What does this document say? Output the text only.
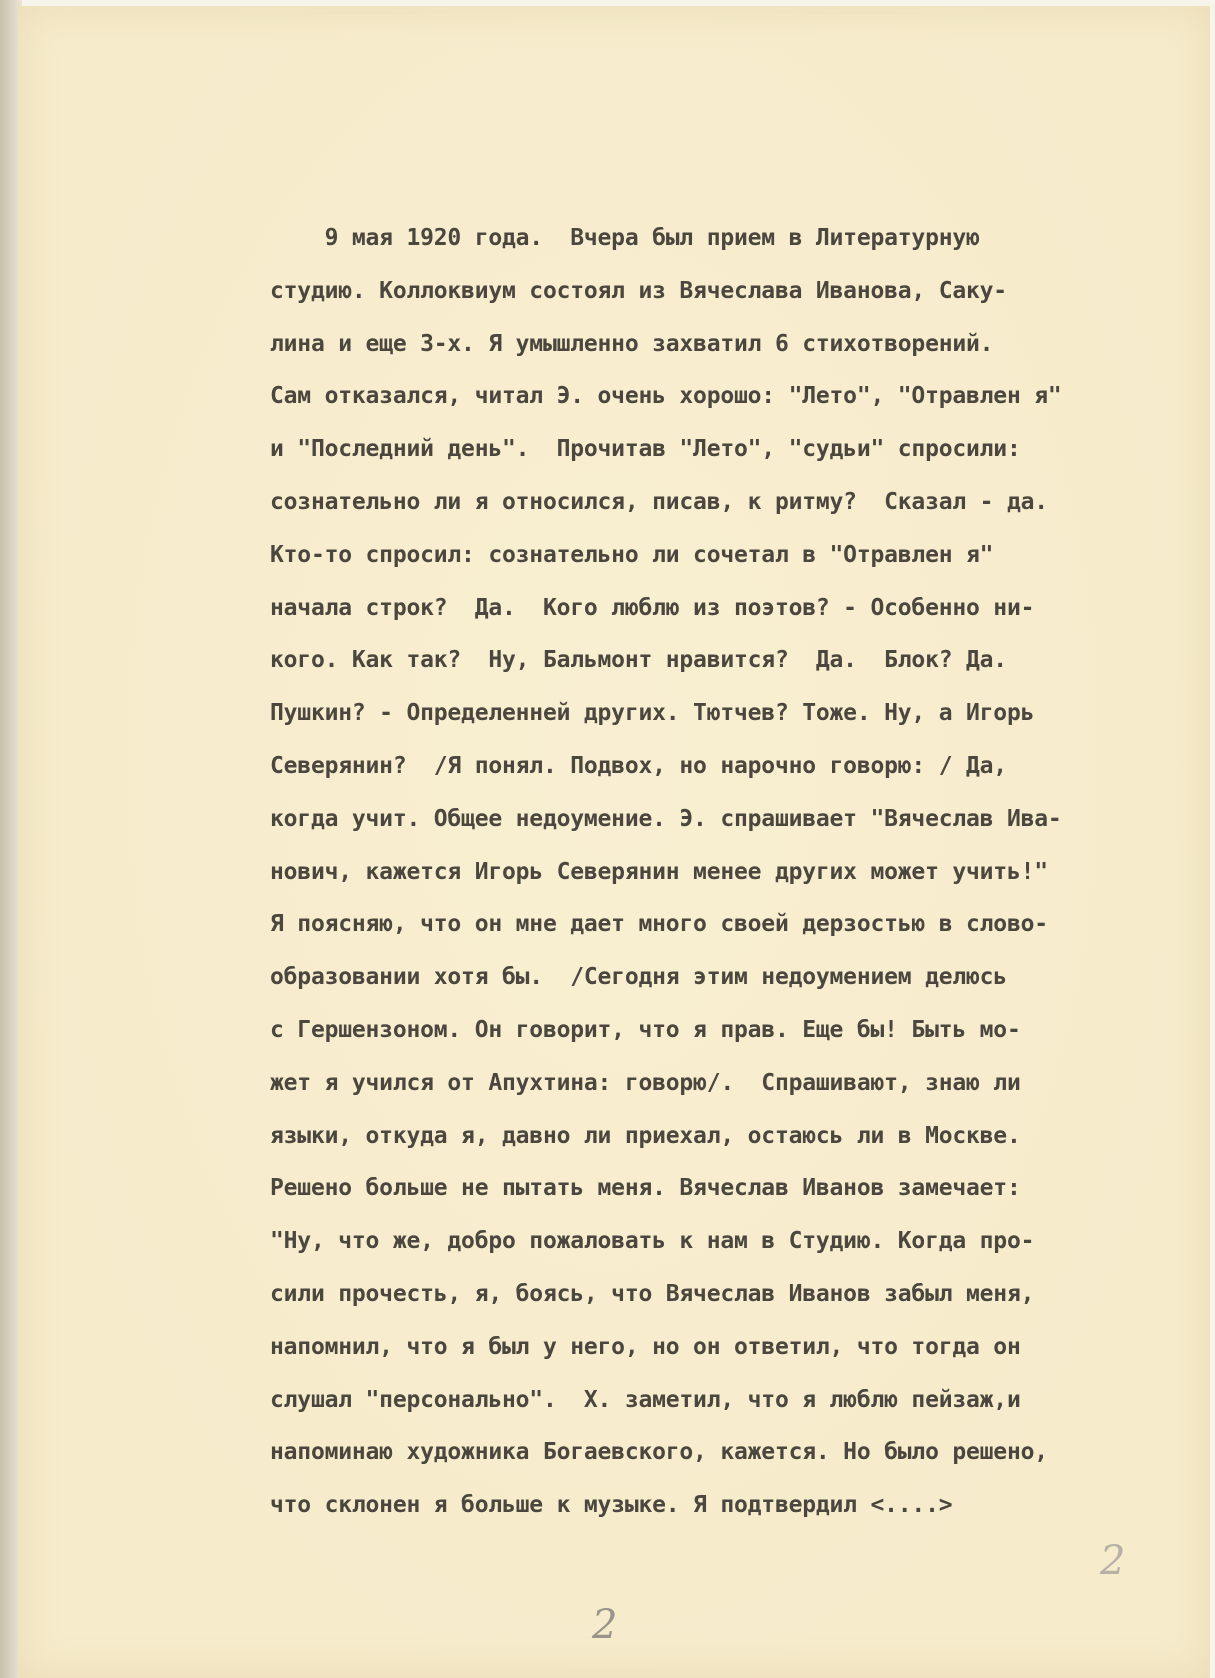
9 мая 1920 года.  Вчера был прием в Литературную
студию. Коллоквиум состоял из Вячеслава Иванова, Саку-
лина и еще 3-х. Я умышленно захватил 6 стихотворений.
Сам отказался, читал Э. очень хорошо: "Лето", "Отравлен я"
и "Последний день".  Прочитав "Лето", "судьи" спросили:
сознательно ли я относился, писав, к ритму?  Сказал - да.
Кто-то спросил: сознательно ли сочетал в "Отравлен я"
начала строк?  Да.  Кого люблю из поэтов? - Особенно ни-
кого. Как так?  Ну, Бальмонт нравится?  Да.  Блок? Да.
Пушкин? - Определенней других. Тютчев? Тоже. Ну, а Игорь
Северянин?  /Я понял. Подвох, но нарочно говорю: / Да,
когда учит. Общее недоумение. Э. спрашивает "Вячеслав Ива-
нович, кажется Игорь Северянин менее других может учить!"
Я поясняю, что он мне дает много своей дерзостью в слово-
образовании хотя бы.  /Сегодня этим недоумением делюсь
с Гершензоном. Он говорит, что я прав. Еще бы! Быть мо-
жет я учился от Апухтина: говорю/.  Спрашивают, знаю ли
языки, откуда я, давно ли приехал, остаюсь ли в Москве.
Решено больше не пытать меня. Вячеслав Иванов замечает:
"Ну, что же, добро пожаловать к нам в Студию. Когда про-
сили прочесть, я, боясь, что Вячеслав Иванов забыл меня,
напомнил, что я был у него, но он ответил, что тогда он
слушал "персонально".  Х. заметил, что я люблю пейзаж,и
напоминаю художника Богаевского, кажется. Но было решено,
что склонен я больше к музыке. Я подтвердил <....>
2
2
